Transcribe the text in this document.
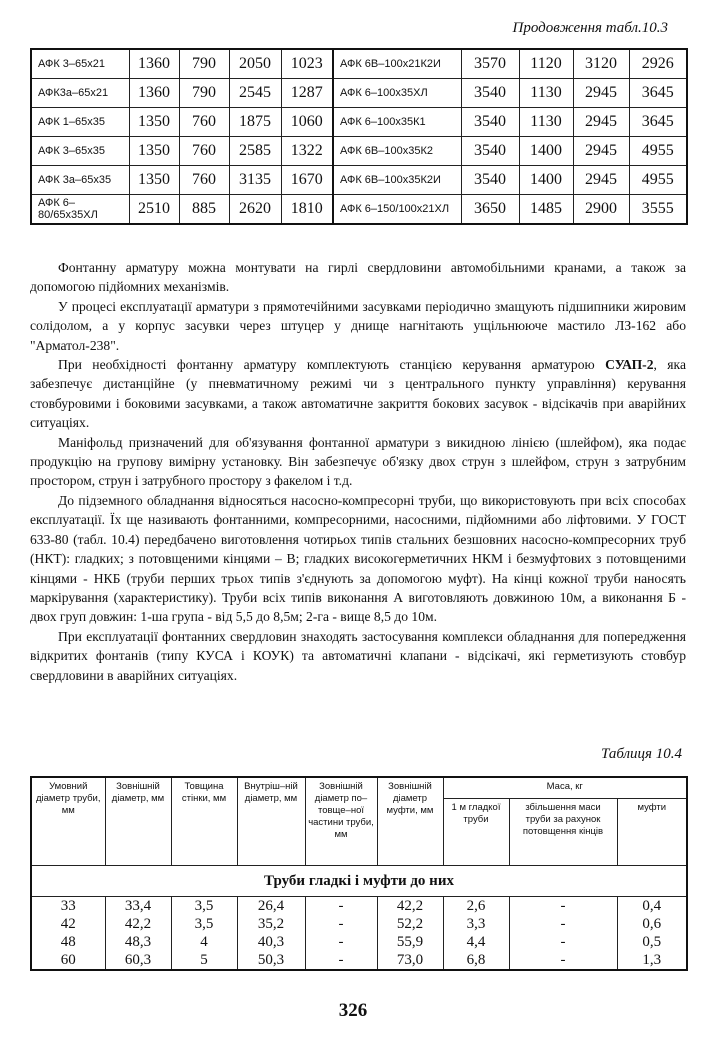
Продовження табл.10.3
АФК 3–65х21	1360	790	2050	1023	АФК 6В–100х21К2И	3570	1120	3120	2926
АФК3а–65х21	1360	790	2545	1287	АФК 6–100х35ХЛ	3540	1130	2945	3645
АФК 1–65х35	1350	760	1875	1060	АФК 6–100х35К1	3540	1130	2945	3645
АФК 3–65х35	1350	760	2585	1322	АФК 6В–100х35К2	3540	1400	2945	4955
АФК 3а–65х35	1350	760	3135	1670	АФК 6В–100х35К2И	3540	1400	2945	4955
АФК 6–80/65х35ХЛ	2510	885	2620	1810	АФК 6–150/100х21ХЛ	3650	1485	2900	3555

Фонтанну арматуру можна монтувати на гирлі свердловини автомобільними кранами, а також за допомогою підйомних механізмів.

У процесі експлуатації арматури з прямотечійними засувками періодично змащують підшипники жировим солідолом, а у корпус засувки через штуцер у днище нагнітають ущільнююче мастило ЛЗ-162 або "Арматол-238".

При необхідності фонтанну арматуру комплектують станцією керування арматурою СУАП-2, яка забезпечує дистанційне (у пневматичному режимі чи з центрального пункту управління) керування стовбуровими і боковими засувками, а також автоматичне закриття бокових засувок - відсікачів при аварійних ситуаціях.

Маніфольд призначений для об'язування фонтанної арматури з викидною лінією (шлейфом), яка подає продукцію на групову вимірну установку. Він забезпечує об'язку двох струн з шлейфом, струн з затрубним простором, струн і затрубного простору з факелом і т.д.

До підземного обладнання відносяться насосно-компресорні труби, що використовують при всіх способах експлуатації. Їх ще називають фонтанними, компресорними, насосними, підйомними або ліфтовими. У ГОСТ 633-80 (табл. 10.4) передбачено виготовлення чотирьох типів стальних безшовних насосно-компресорних труб (НКТ): гладких; з потовщеними кінцями – В; гладких високогерметичних НКМ і безмуфтових з потовщеними кінцями - НКБ (труби перших трьох типів з'єднують за допомогою муфт). На кінці кожної труби наносять маркірування (характеристику). Труби всіх типів виконання А виготовляють довжиною 10м, а виконання Б - двох груп довжин: 1-ша група - від 5,5 до 8,5м; 2-га - вище 8,5 до 10м.

При експлуатації фонтанних свердловин знаходять застосування комплекси обладнання для попередження відкритих фонтанів (типу КУСА і КОУК) та автоматичні клапани - відсікачі, які герметизують стовбур свердловини в аварійних ситуаціях.

Таблиця 10.4
Умовний діаметр труби, мм	Зовнішній діаметр, мм	Товщина стінки, мм	Внутріш–ній діаметр, мм	Зовнішній діаметр по–товще–ної частини труби, мм	Зовнішній діаметр муфти, мм	Маса, кг		
						1 м гладкої труби	збільшення маси труби за рахунок потовщення кінців	муфти
Труби гладкі і муфти до них								
33	33,4	3,5	26,4	-	42,2	2,6	-	0,4
42	42,2	3,5	35,2	-	52,2	3,3	-	0,6
48	48,3	4	40,3	-	55,9	4,4	-	0,5
60	60,3	5	50,3	-	73,0	6,8	-	1,3
326
